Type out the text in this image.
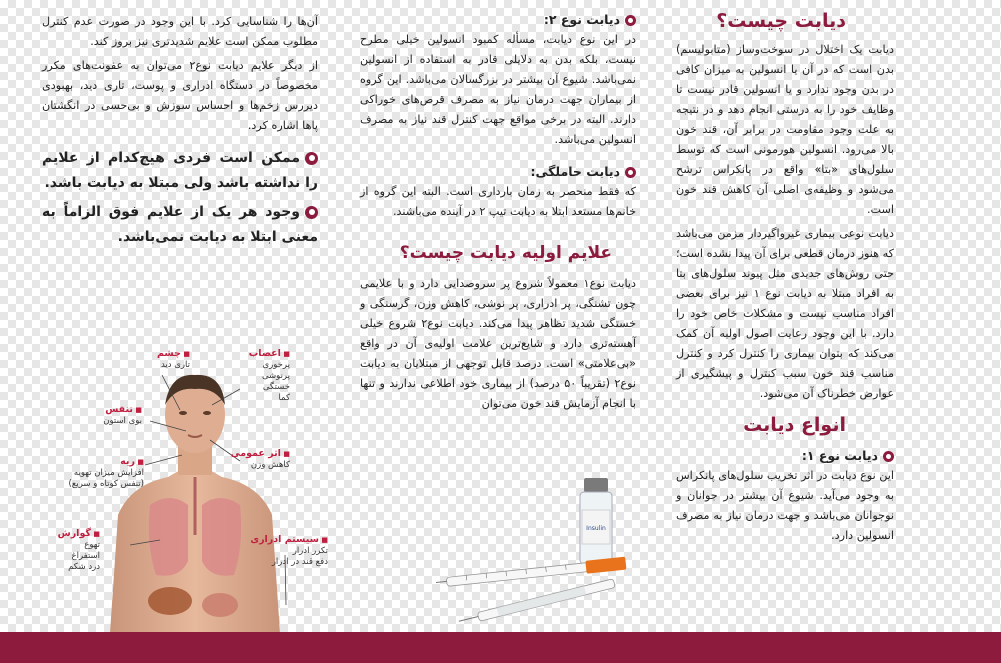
دیابت چیست؟

دیابت یک اختلال در سوخت‌وساز (متابولیسم) بدن است که در آن یا انسولین به میزان کافی در بدن وجود ندارد و یا انسولین قادر نیست تا وظایف خود را به درستی انجام دهد و در نتیجه به علت وجود مقاومت در برابر آن، قند خون بالا می‌رود. انسولین هورمونی است که توسط سلول‌های «بتا» واقع در پانکراس ترشح می‌شود و وظیفه‌ی اصلی آن کاهش قند خون است.

دیابت نوعی بیماری غیرواگیردار مزمن می‌باشد که هنوز درمان قطعی برای آن پیدا نشده است؛ حتی روش‌های جدیدی مثل پیوند سلول‌های بتا به افراد مبتلا به دیابت نوع ۱ نیز برای بعضی افراد مناسب نیست و مشکلات خاص خود را دارد. با این وجود رعایت اصول اولیه آن کمک می‌کند که بتوان بیماری را کنترل کرد و کنترل مناسب قند خون سبب کنترل و پیشگیری از عوارض خطرناک آن می‌شود.

انواع دیابت
دیابت نوع ۱:

این نوع دیابت در اثر تخریب سلول‌های پانکراس به وجود می‌آید. شیوع آن بیشتر در جوانان و نوجوانان می‌باشد و جهت درمان نیاز به مصرف انسولین دارد.

دیابت نوع ۲:

در این نوع دیابت، مسأله کمبود انسولین خیلی مطرح نیست، بلکه بدن به دلایلی قادر به استفاده از انسولین نمی‌باشد. شیوع آن بیشتر در بزرگسالان می‌باشد. این گروه از بیماران جهت درمان نیاز به مصرف قرص‌های خوراکی دارند. البته در برخی مواقع جهت کنترل قند نیاز به مصرف انسولین می‌باشد.

دیابت حاملگی:

که فقط منحصر به زمان بارداری است. البته این گروه از خانم‌ها مستعد ابتلا به دیابت تیپ ۲ در آینده می‌باشند.

علایم اولیه دیابت چیست؟

دیابت نوع۱ معمولاً شروع پر سروصدایی دارد و با علایمی چون تشنگی، پر ادراری، پر نوشی، کاهش وزن، گرسنگی و خستگی شدید تظاهر پیدا می‌کند. دیابت نوع۲ شروع خیلی آهسته‌تری دارد و شایع‌ترین علامت اولیه‌ی آن در واقع «بی‌علامتی» است. درصد قابل توجهی از مبتلایان به دیابت نوع۲ (تقریباً ۵۰ درصد) از بیماری خود اطلاعی ندارند و تنها با انجام آزمایش قند خون می‌توان

آن‌ها را شناسایی کرد. با این وجود در صورت عدم کنترل مطلوب ممکن است علایم شدیدتری نیز بروز کند.

از دیگر علایم دیابت نوع۲ می‌توان به عفونت‌های مکرر مخصوصاً در دستگاه ادراری و پوست، تاری دید، بهبودی دیررس زخم‌ها و احساس سوزش و بی‌حسی در انگشتان پاها اشاره کرد.

ممکن است فردی هیچ‌کدام از علایم را نداشته باشد ولی مبتلا به دیابت باشد.
وجود هر یک از علایم فوق الزاماً به معنی ابتلا به دیابت نمی‌باشد.
■ چشم
تاری دید
■ اعصاب
پرخوری
پرنوشی
خستگی
کما
■ تنفس
بوی استون
■ اثر عمومی
کاهش وزن
■ ریه
افزایش میزان تهویه
(تنفس کوتاه و سریع)
■ گوارش
تهوع
استفراغ
درد شکم
■ سیستم ادراری
تکرر ادرار
دفع قند در ادرار
Insulin
